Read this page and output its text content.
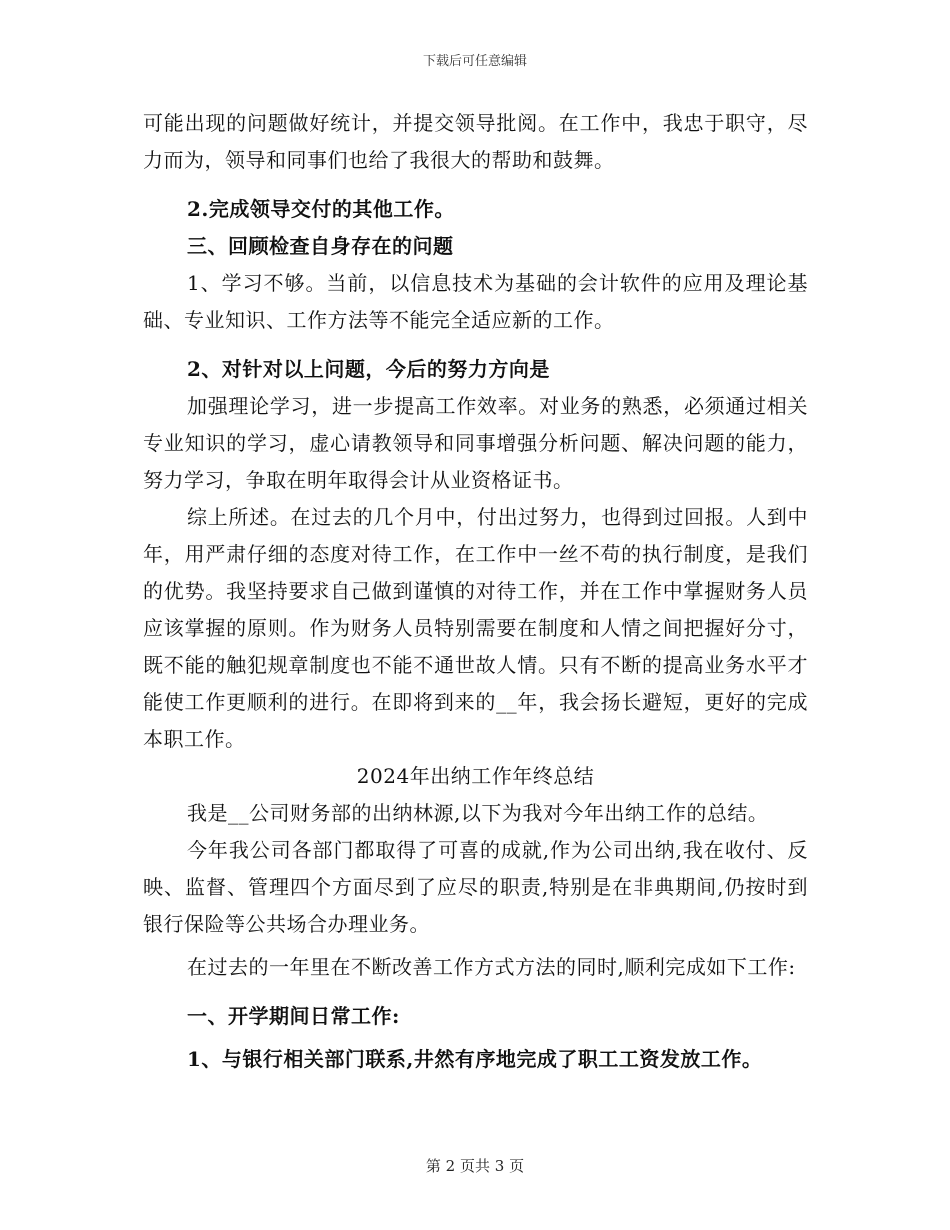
下载后可任意编辑

可能出现的问题做好统计，并提交领导批阅。在工作中，我忠于职守，尽力而为，领导和同事们也给了我很大的帮助和鼓舞。

2.完成领导交付的其他工作。

三、回顾检查自身存在的问题

1、学习不够。当前，以信息技术为基础的会计软件的应用及理论基础、专业知识、工作方法等不能完全适应新的工作。

2、对针对以上问题，今后的努力方向是

加强理论学习，进一步提高工作效率。对业务的熟悉，必须通过相关专业知识的学习，虚心请教领导和同事增强分析问题、解决问题的能力，努力学习，争取在明年取得会计从业资格证书。

综上所述。在过去的几个月中，付出过努力，也得到过回报。人到中年，用严肃仔细的态度对待工作，在工作中一丝不苟的执行制度，是我们的优势。我坚持要求自己做到谨慎的对待工作，并在工作中掌握财务人员应该掌握的原则。作为财务人员特别需要在制度和人情之间把握好分寸，既不能的触犯规章制度也不能不通世故人情。只有不断的提高业务水平才能使工作更顺利的进行。在即将到来的__年，我会扬长避短，更好的完成本职工作。

2024年出纳工作年终总结

我是__公司财务部的出纳林源,以下为我对今年出纳工作的总结。

今年我公司各部门都取得了可喜的成就,作为公司出纳,我在收付、反映、监督、管理四个方面尽到了应尽的职责,特别是在非典期间,仍按时到银行保险等公共场合办理业务。

在过去的一年里在不断改善工作方式方法的同时,顺利完成如下工作:

一、开学期间日常工作:

1、与银行相关部门联系,井然有序地完成了职工工资发放工作。

第 2 页共 3 页
